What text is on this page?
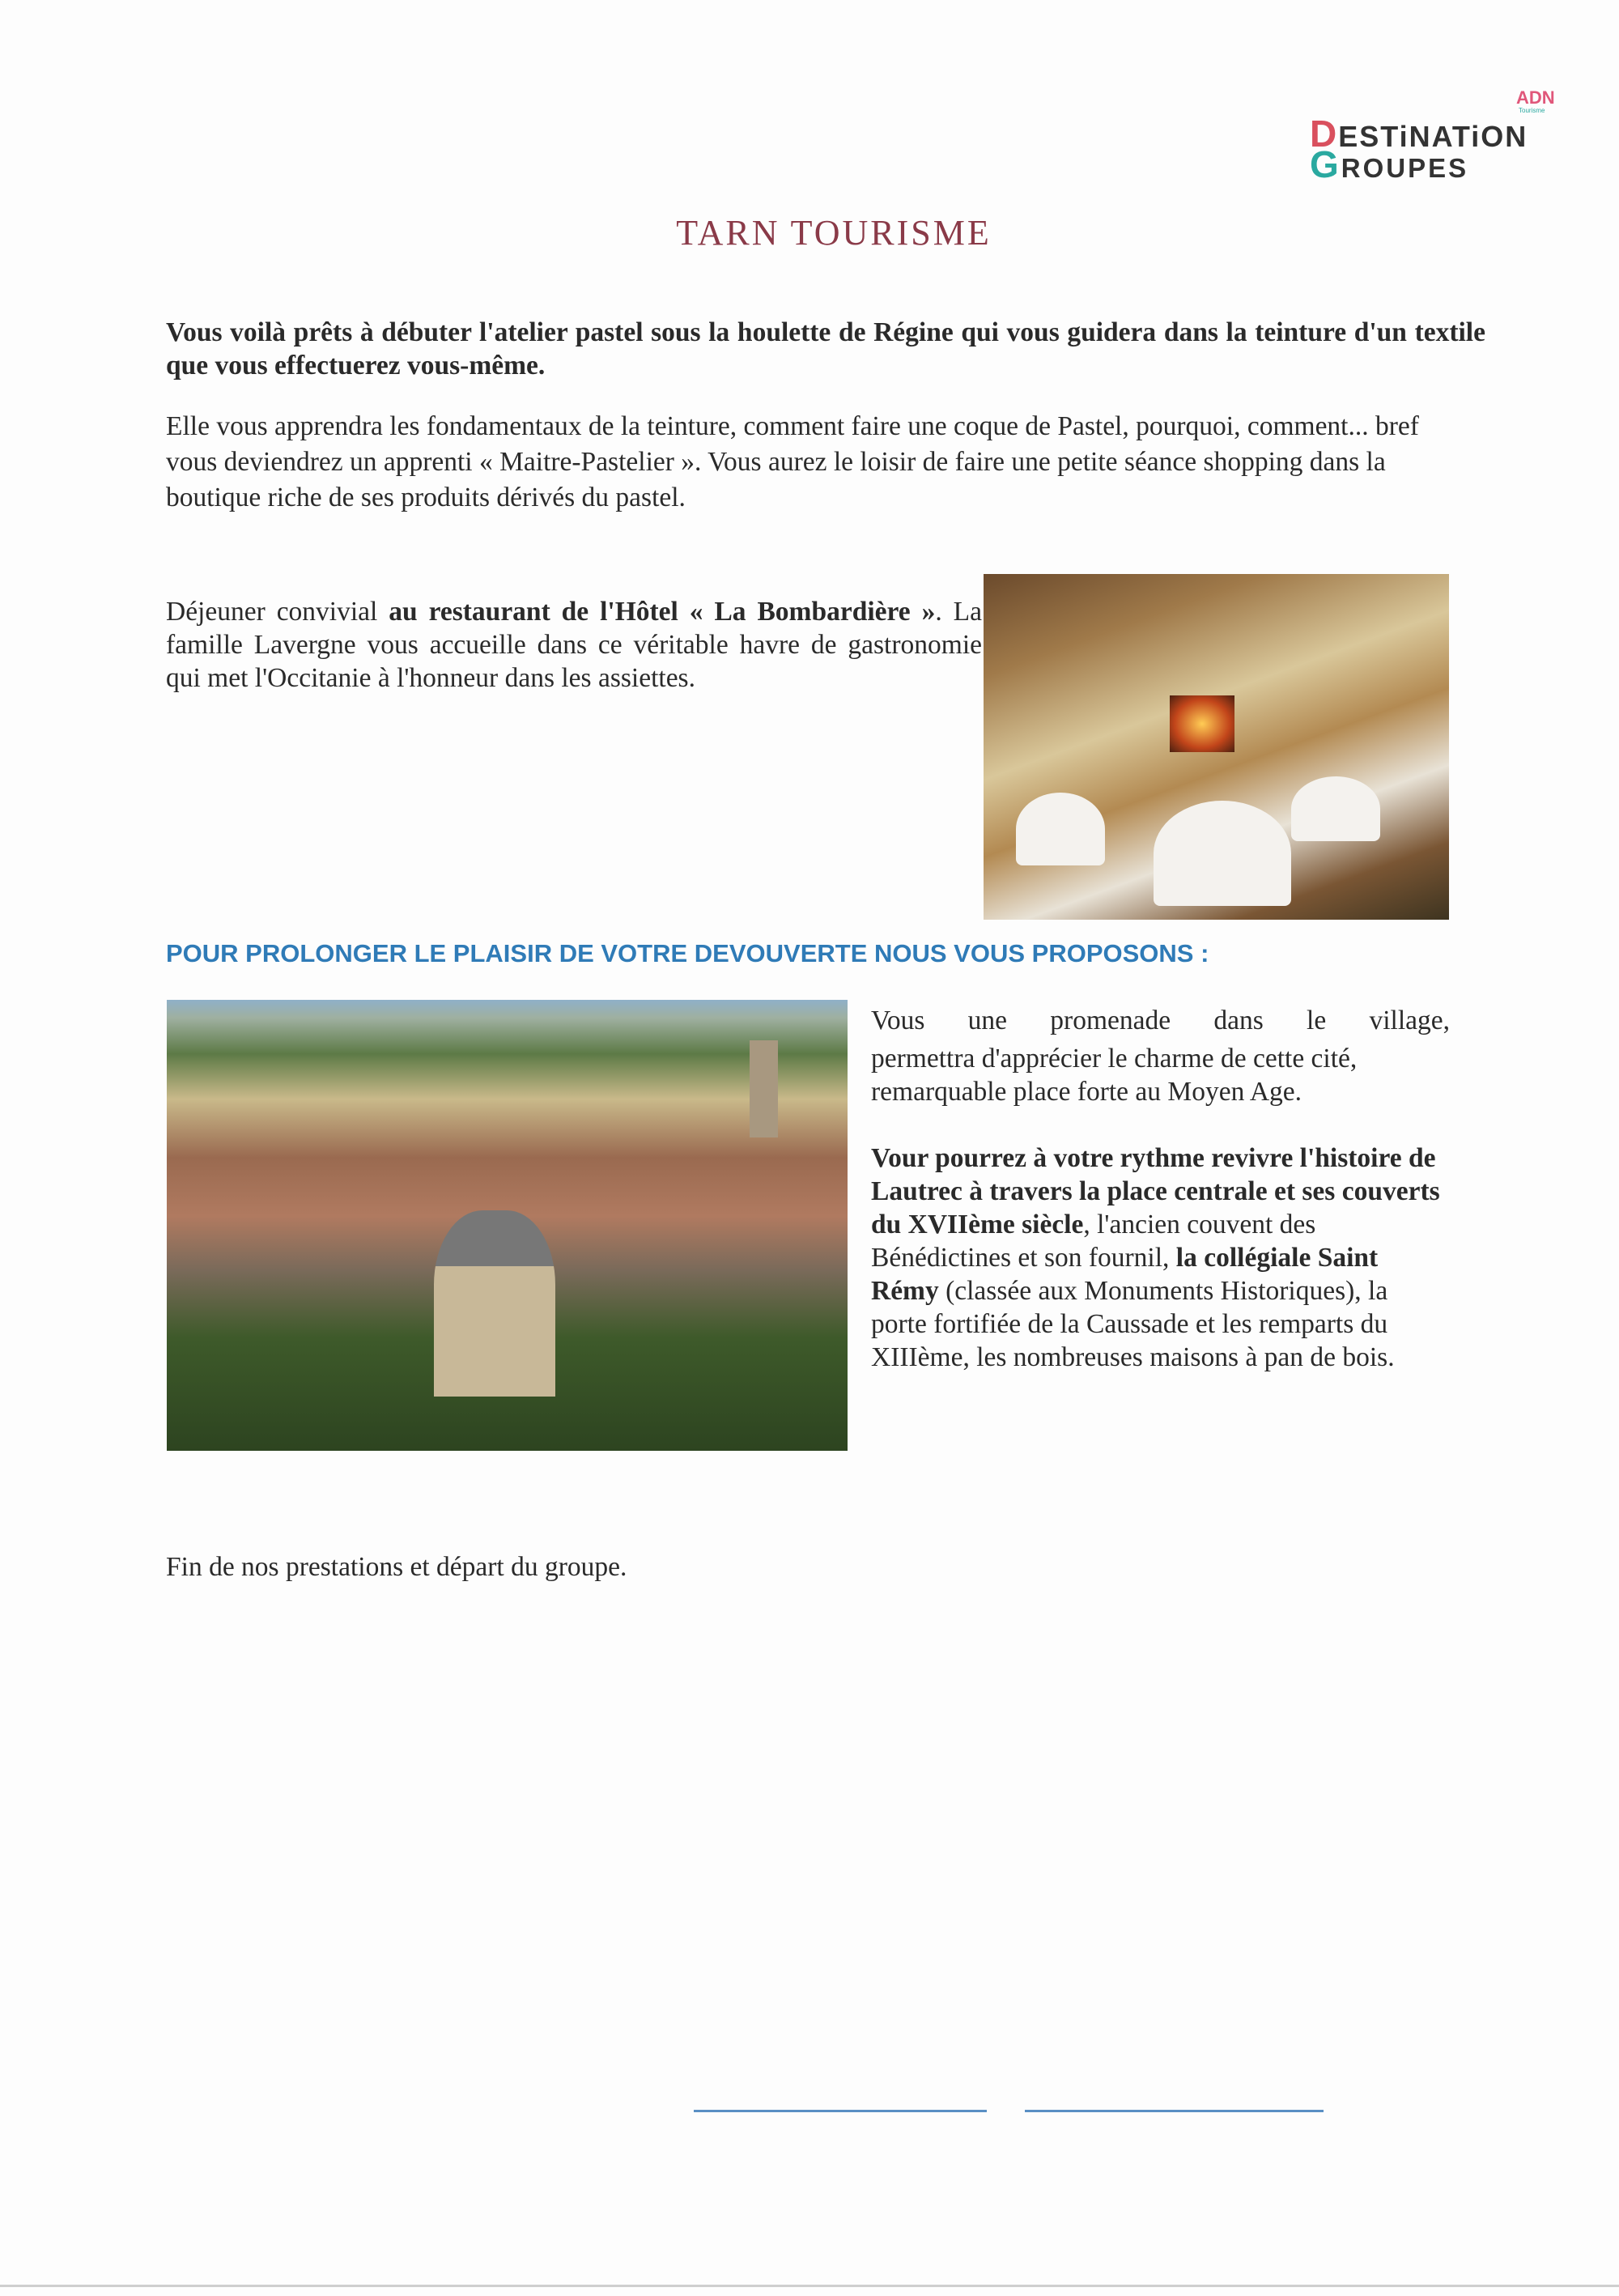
DESTiNATiON
GROUPES
ADN
Tourisme
TARN TOURISME

Vous voilà prêts à débuter l'atelier pastel sous la houlette de Régine qui vous guidera dans la teinture d'un textile que vous effectuerez vous-même.

Elle vous apprendra les fondamentaux de la teinture, comment faire une coque de Pastel, pourquoi, comment... bref vous deviendrez un apprenti « Maitre-Pastelier ». Vous aurez le loisir de faire une petite séance shopping dans la boutique riche de ses produits dérivés du pastel.

Déjeuner convivial au restaurant de l'Hôtel « La Bombardière ». La famille Lavergne vous accueille dans ce véritable havre de gastronomie qui met l'Occitanie à l'honneur dans les assiettes.

POUR PROLONGER LE PLAISIR DE VOTRE DEVOUVERTE NOUS VOUS PROPOSONS :

Vous une promenade dans le village,

permettra d'apprécier le charme de cette cité, remarquable place forte au Moyen Age.

Vour pourrez à votre rythme revivre l'histoire de Lautrec à travers la place centrale et ses couverts du XVIIème siècle, l'ancien couvent des Bénédictines et son fournil, la collégiale Saint Rémy (classée aux Monuments Historiques), la porte fortifiée de la Caussade et les remparts du XIIIème, les nombreuses maisons à pan de bois.

Fin de nos prestations et départ du groupe.
